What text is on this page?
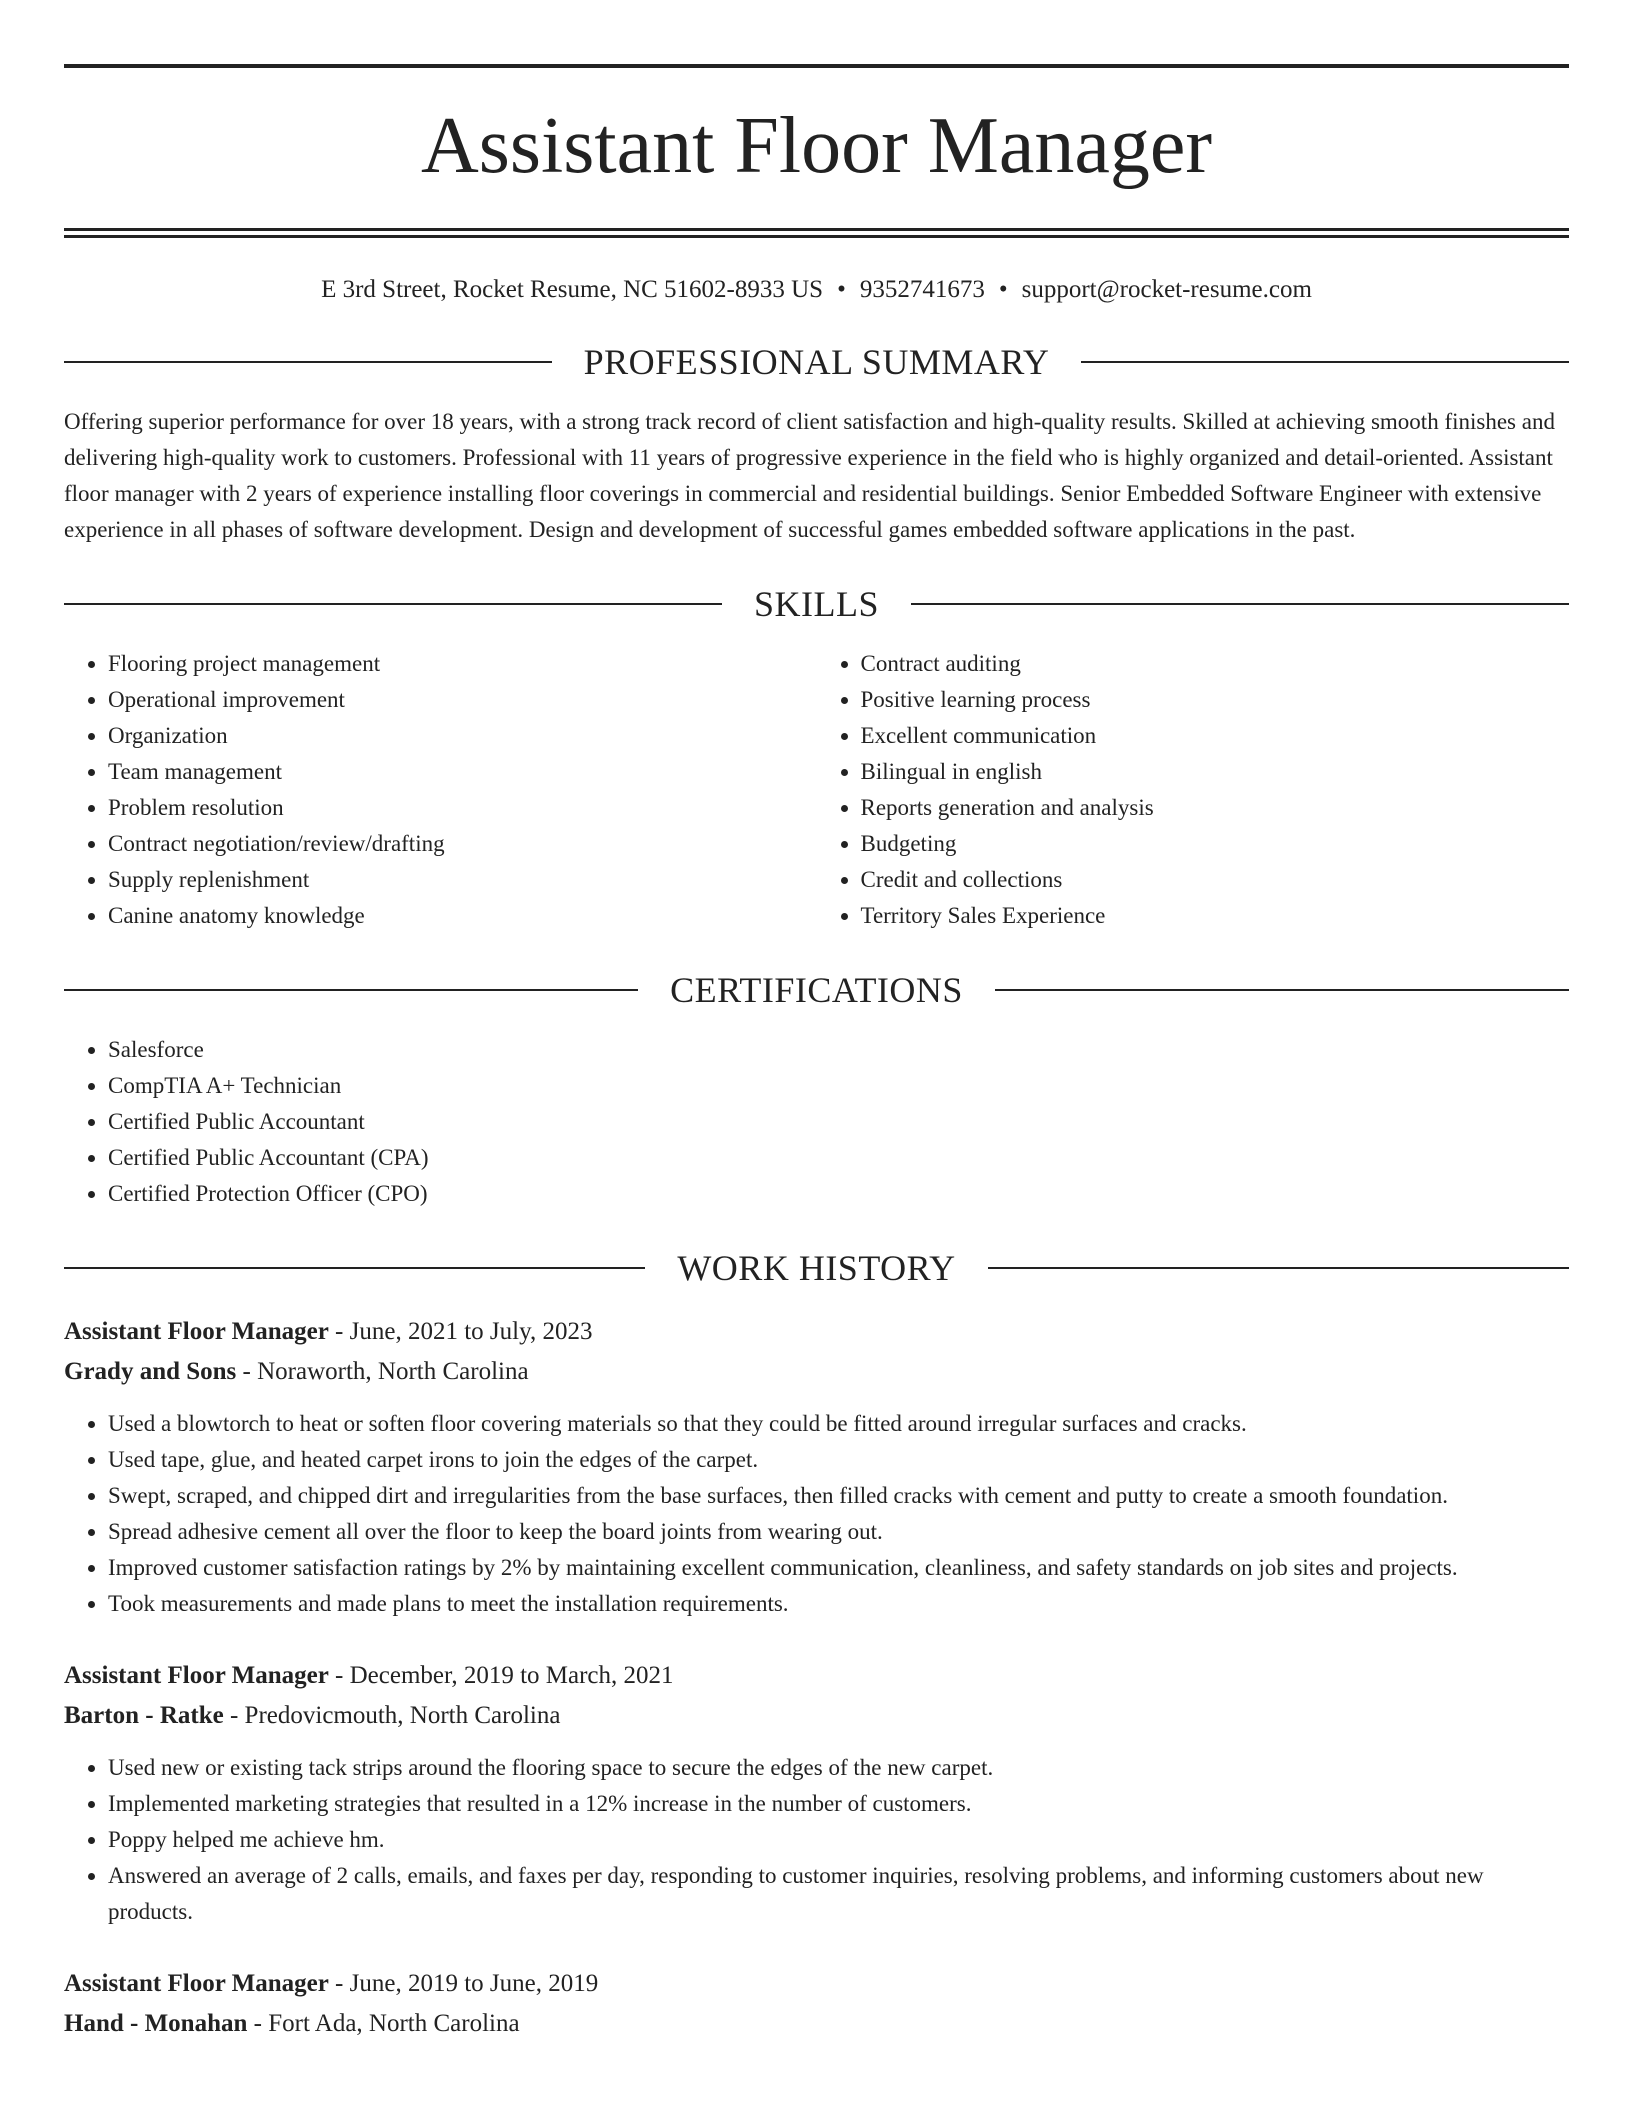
Assistant Floor Manager
E 3rd Street, Rocket Resume, NC 51602-8933 US • 9352741673 • support@rocket-resume.com
PROFESSIONAL SUMMARY

Offering superior performance for over 18 years, with a strong track record of client satisfaction and high-quality results. Skilled at achieving smooth finishes and delivering high-quality work to customers. Professional with 11 years of progressive experience in the field who is highly organized and detail-oriented. Assistant floor manager with 2 years of experience installing floor coverings in commercial and residential buildings. Senior Embedded Software Engineer with extensive experience in all phases of software development. Design and development of successful games embedded software applications in the past.

SKILLS
• Flooring project management
• Operational improvement
• Organization
• Team management
• Problem resolution
• Contract negotiation/review/drafting
• Supply replenishment
• Canine anatomy knowledge
• Contract auditing
• Positive learning process
• Excellent communication
• Bilingual in english
• Reports generation and analysis
• Budgeting
• Credit and collections
• Territory Sales Experience
CERTIFICATIONS
• Salesforce
• CompTIA A+ Technician
• Certified Public Accountant
• Certified Public Accountant (CPA)
• Certified Protection Officer (CPO)
WORK HISTORY
Assistant Floor Manager - June, 2021 to July, 2023
Grady and Sons - Noraworth, North Carolina
• Used a blowtorch to heat or soften floor covering materials so that they could be fitted around irregular surfaces and cracks.
• Used tape, glue, and heated carpet irons to join the edges of the carpet.
• Swept, scraped, and chipped dirt and irregularities from the base surfaces, then filled cracks with cement and putty to create a smooth foundation.
• Spread adhesive cement all over the floor to keep the board joints from wearing out.
• Improved customer satisfaction ratings by 2% by maintaining excellent communication, cleanliness, and safety standards on job sites and projects.
• Took measurements and made plans to meet the installation requirements.
Assistant Floor Manager - December, 2019 to March, 2021
Barton - Ratke - Predovicmouth, North Carolina
• Used new or existing tack strips around the flooring space to secure the edges of the new carpet.
• Implemented marketing strategies that resulted in a 12% increase in the number of customers.
• Poppy helped me achieve hm.
• Answered an average of 2 calls, emails, and faxes per day, responding to customer inquiries, resolving problems, and informing customers about new products.
Assistant Floor Manager - June, 2019 to June, 2019
Hand - Monahan - Fort Ada, North Carolina
